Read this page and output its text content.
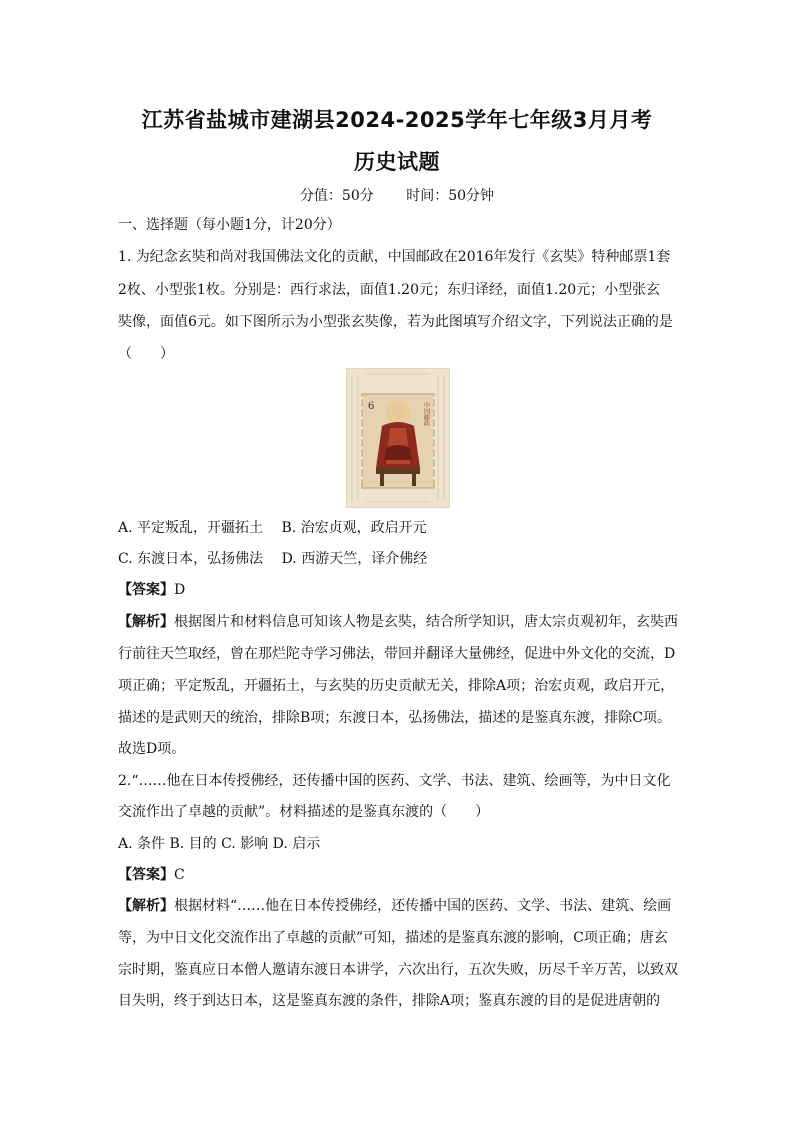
江苏省盐城市建湖县2024-2025学年七年级3月月考
历史试题
分值：50分 时间：50分钟
一、选择题（每小题1分，计20分）
1. 为纪念玄奘和尚对我国佛法文化的贡献，中国邮政在2016年发行《玄奘》特种邮票1套
2枚、小型张1枚。分别是：西行求法，面值1.20元；东归译经，面值1.20元；小型张玄
奘像，面值6元。如下图所示为小型张玄奘像，若为此图填写介绍文字，下列说法正确的是
（　　）
6	中国邮政
A. 平定叛乱，开疆拓土　 B. 治宏贞观，政启开元
C. 东渡日本，弘扬佛法　 D. 西游天竺，译介佛经
【答案】D
【解析】根据图片和材料信息可知该人物是玄奘，结合所学知识，唐太宗贞观初年，玄奘西
行前往天竺取经，曾在那烂陀寺学习佛法，带回并翻译大量佛经，促进中外文化的交流，D
项正确；平定叛乱，开疆拓土，与玄奘的历史贡献无关，排除A项；治宏贞观，政启开元，
描述的是武则天的统治，排除B项；东渡日本，弘扬佛法，描述的是鉴真东渡，排除C项。
故选D项。
2.“……他在日本传授佛经，还传播中国的医药、文学、书法、建筑、绘画等，为中日文化
交流作出了卓越的贡献”。材料描述的是鉴真东渡的（　　）
A. 条件 B. 目的 C. 影响 D. 启示
【答案】C
【解析】根据材料“……他在日本传授佛经，还传播中国的医药、文学、书法、建筑、绘画
等，为中日文化交流作出了卓越的贡献”可知，描述的是鉴真东渡的影响，C项正确；唐玄
宗时期，鉴真应日本僧人邀请东渡日本讲学，六次出行，五次失败，历尽千辛万苦，以致双
目失明，终于到达日本，这是鉴真东渡的条件，排除A项；鉴真东渡的目的是促进唐朝的
